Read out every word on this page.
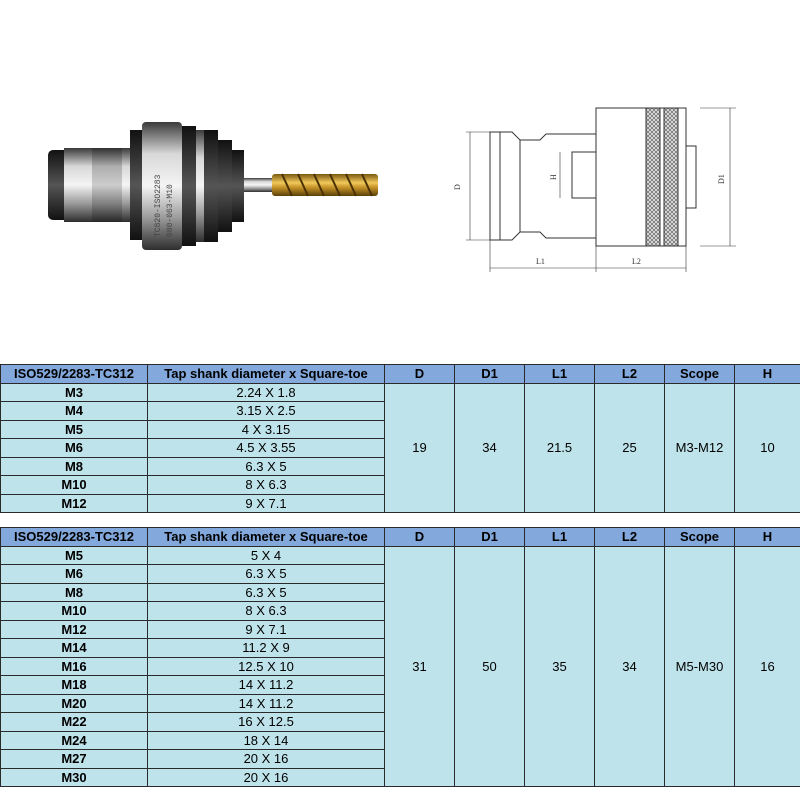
TC820-ISO2283 080-063-M10	D
D1
L1	L2
H
ISO529/2283-TC312	Tap shank diameter x Square-toe	D	D1	L1	L2	Scope	H
M3	2.24 X 1.8	19	34	21.5	25	M3-M12	10
M4	3.15 X 2.5						
M5	4 X 3.15						
M6	4.5 X 3.55						
M8	6.3 X 5						
M10	8 X 6.3						
M12	9 X 7.1						
ISO529/2283-TC312	Tap shank diameter x Square-toe	D	D1	L1	L2	Scope	H
M5	5 X 4	31	50	35	34	M5-M30	16
M6	6.3 X 5						
M8	6.3 X 5						
M10	8 X 6.3						
M12	9 X 7.1						
M14	11.2 X 9						
M16	12.5 X 10						
M18	14 X 11.2						
M20	14 X 11.2						
M22	16 X 12.5						
M24	18 X 14						
M27	20 X 16						
M30	20 X 16						
